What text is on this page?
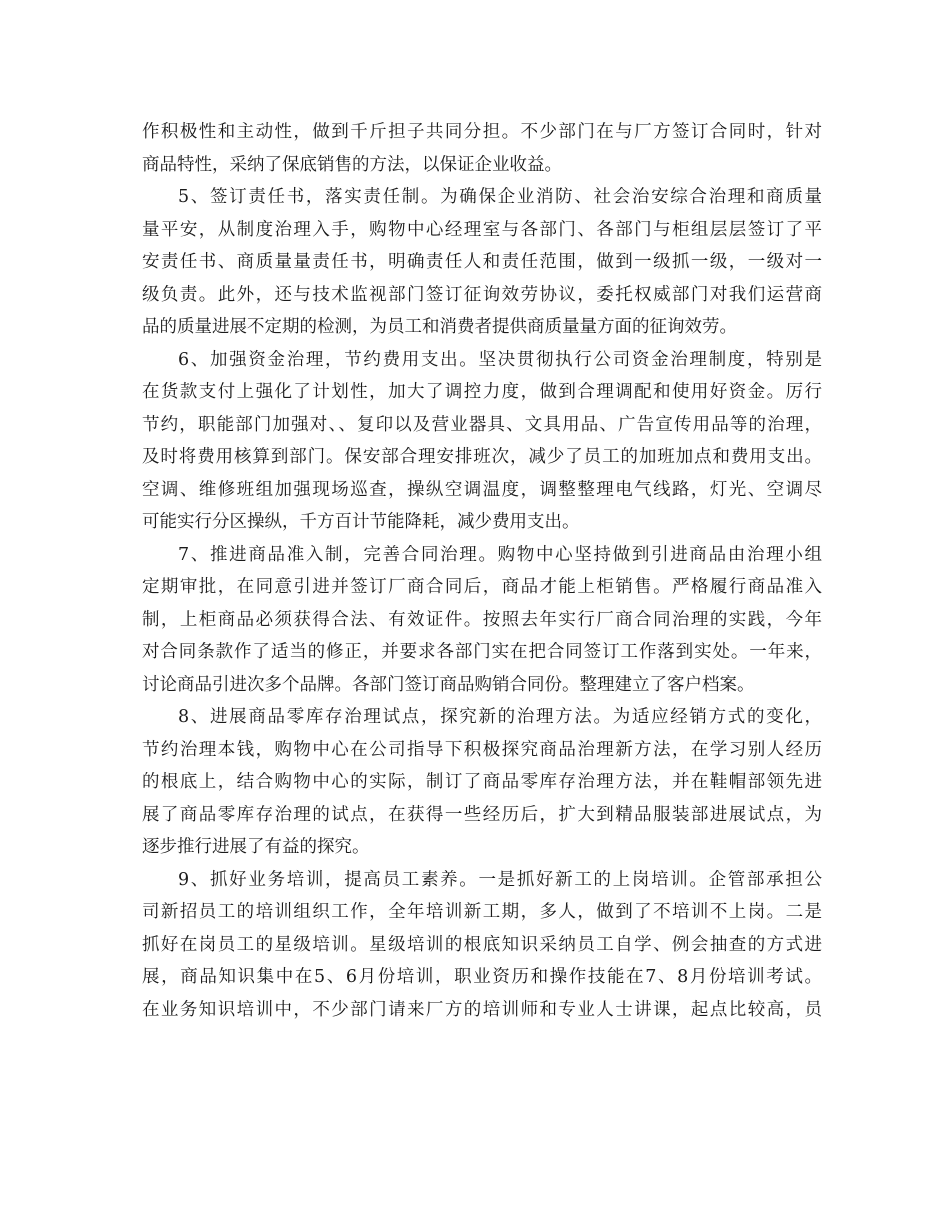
作积极性和主动性，做到千斤担子共同分担。不少部门在与厂方签订合同时，针对
商品特性，采纳了保底销售的方法，以保证企业收益。

5、签订责任书，落实责任制。为确保企业消防、社会治安综合治理和商质量
量平安，从制度治理入手，购物中心经理室与各部门、各部门与柜组层层签订了平
安责任书、商质量量责任书，明确责任人和责任范围，做到一级抓一级，一级对一
级负责。此外，还与技术监视部门签订征询效劳协议，委托权威部门对我们运营商
品的质量进展不定期的检测，为员工和消费者提供商质量量方面的征询效劳。

6、加强资金治理，节约费用支出。坚决贯彻执行公司资金治理制度，特别是
在货款支付上强化了计划性，加大了调控力度，做到合理调配和使用好资金。厉行
节约，职能部门加强对、、复印以及营业器具、文具用品、广告宣传用品等的治理，
及时将费用核算到部门。保安部合理安排班次，减少了员工的加班加点和费用支出。
空调、维修班组加强现场巡查，操纵空调温度，调整整理电气线路，灯光、空调尽
可能实行分区操纵，千方百计节能降耗，减少费用支出。

7、推进商品准入制，完善合同治理。购物中心坚持做到引进商品由治理小组
定期审批，在同意引进并签订厂商合同后，商品才能上柜销售。严格履行商品准入
制，上柜商品必须获得合法、有效证件。按照去年实行厂商合同治理的实践，今年
对合同条款作了适当的修正，并要求各部门实在把合同签订工作落到实处。一年来，
讨论商品引进次多个品牌。各部门签订商品购销合同份。整理建立了客户档案。

8、进展商品零库存治理试点，探究新的治理方法。为适应经销方式的变化，
节约治理本钱，购物中心在公司指导下积极探究商品治理新方法，在学习别人经历
的根底上，结合购物中心的实际，制订了商品零库存治理方法，并在鞋帽部领先进
展了商品零库存治理的试点，在获得一些经历后，扩大到精品服装部进展试点，为
逐步推行进展了有益的探究。

9、抓好业务培训，提高员工素养。一是抓好新工的上岗培训。企管部承担公
司新招员工的培训组织工作，全年培训新工期，多人，做到了不培训不上岗。二是
抓好在岗员工的星级培训。星级培训的根底知识采纳员工自学、例会抽查的方式进
展，商品知识集中在5、6月份培训，职业资历和操作技能在7、8月份培训考试。
在业务知识培训中，不少部门请来厂方的培训师和专业人士讲课，起点比较高，员
